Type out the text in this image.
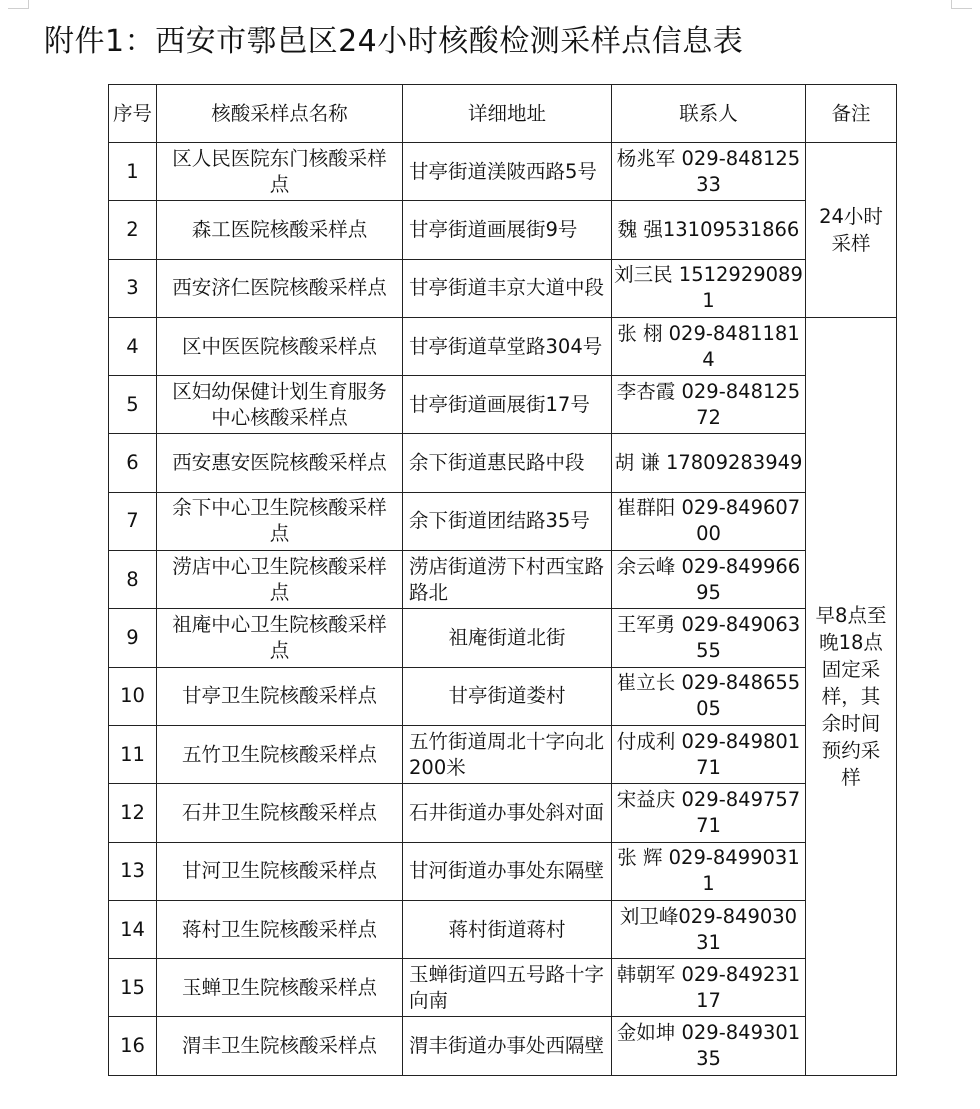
附件1：西安市鄠邑区24小时核酸检测采样点信息表
序号	核酸采样点名称	详细地址	联系人	备注
1	区人民医院东门核酸采样点	甘亭街道渼陂西路5号	杨兆军 029-84812533	24小时采样
2	森工医院核酸采样点	甘亭街道画展街9号	魏 强13109531866	
3	西安济仁医院核酸采样点	甘亭街道丰京大道中段	刘三民 15129290891	
4	区中医医院核酸采样点	甘亭街道草堂路304号	张 栩 029-84811814	早8点至晚18点固定采样，其余时间预约采样
5	区妇幼保健计划生育服务中心核酸采样点	甘亭街道画展街17号	李杏霞 029-84812572	
6	西安惠安医院核酸采样点	余下街道惠民路中段	胡 谦 17809283949	
7	余下中心卫生院核酸采样点	余下街道团结路35号	崔群阳 029-84960700	
8	涝店中心卫生院核酸采样点	涝店街道涝下村西宝路路北	余云峰 029-84996695	
9	祖庵中心卫生院核酸采样点	祖庵街道北街	王军勇 029-84906355	
10	甘亭卫生院核酸采样点	甘亭街道娄村	崔立长 029-84865505	
11	五竹卫生院核酸采样点	五竹街道周北十字向北200米	付成利 029-84980171	
12	石井卫生院核酸采样点	石井街道办事处斜对面	宋益庆 029-84975771	
13	甘河卫生院核酸采样点	甘河街道办事处东隔壁	张 辉 029-84990311	
14	蒋村卫生院核酸采样点	蒋村街道蒋村	刘卫峰029-84903031	
15	玉蝉卫生院核酸采样点	玉蝉街道四五号路十字向南	韩朝军 029-84923117	
16	渭丰卫生院核酸采样点	渭丰街道办事处西隔壁	金如坤 029-84930135	
